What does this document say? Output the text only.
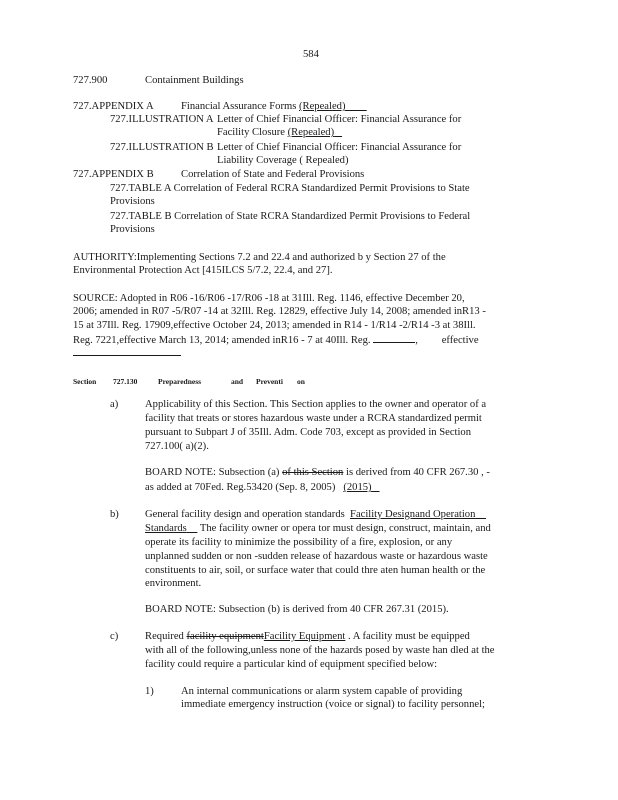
584
727.900	Containment Buildings
727.APPENDIX A	Financial Assurance Forms (Repealed)
727.ILLUSTRATION A Letter of Chief Financial Officer: Financial Assurance for
Facility Closure (Repealed)
727.ILLUSTRATION B Letter of Chief Financial Officer: Financial Assurance for
Liability Coverage ( Repealed)
727.APPENDIX B	Correlation of State and Federal Provisions
727.TABLE A Correlation of Federal RCRA Standardized Permit Provisions to State
Provisions
727.TABLE B Correlation of State RCRA Standardized Permit Provisions to Federal
Provisions
AUTHORITY:Implementing Sections 7.2 and 22.4 and authorized b y Section 27 of the
Environmental Protection Act [415ILCS 5/7.2, 22.4, and 27].
SOURCE: Adopted in R06 -16/R06 -17/R06 -18 at 31Ill. Reg. 1146, effective December 20,
2006; amended in R07 -5/R07 -14 at 32Ill. Reg. 12829, effective July 14, 2008; amended inR13 -
15 at 37Ill. Reg. 17909,effective October 24, 2013; amended in R14 - 1/R14 -2/R14 -3 at 38Ill.
Reg. 7221,effective March 13, 2014; amended inR16 - 7 at 40Ill. Reg.	, effective
Section 727.130	Preparedness	and Preventi on
a)	Applicability of this Section. This Section applies to the owner and operator of a
facility that treats or stores hazardous waste under a RCRA standardized permit
pursuant to Subpart J of 35Ill. Adm. Code 703, except as provided in Section
727.100( a)(2).
BOARD NOTE: Subsection (a) of this Section is derived from 40 CFR 267.30 , -
as added at 70Fed. Reg.53420 (Sep. 8, 2005) (2015)
b) General facility design and operation standards Facility Designand Operation
Standards The facility owner or opera tor must design, construct, maintain, and
operate its facility to minimize the possibility of a fire, explosion, or any
unplanned sudden or non -sudden release of hazardous waste or hazardous waste
constituents to air, soil, or surface water that could thre aten human health or the
environment.
BOARD NOTE: Subsection (b) is derived from 40 CFR 267.31 (2015).
c)	Required facility equipmentFacility Equipment . A facility must be equipped
with all of the following,unless none of the hazards posed by waste han dled at the
facility could require a particular kind of equipment specified below:
1)	An internal communications or alarm system capable of providing
immediate emergency instruction (voice or signal) to facility personnel;
